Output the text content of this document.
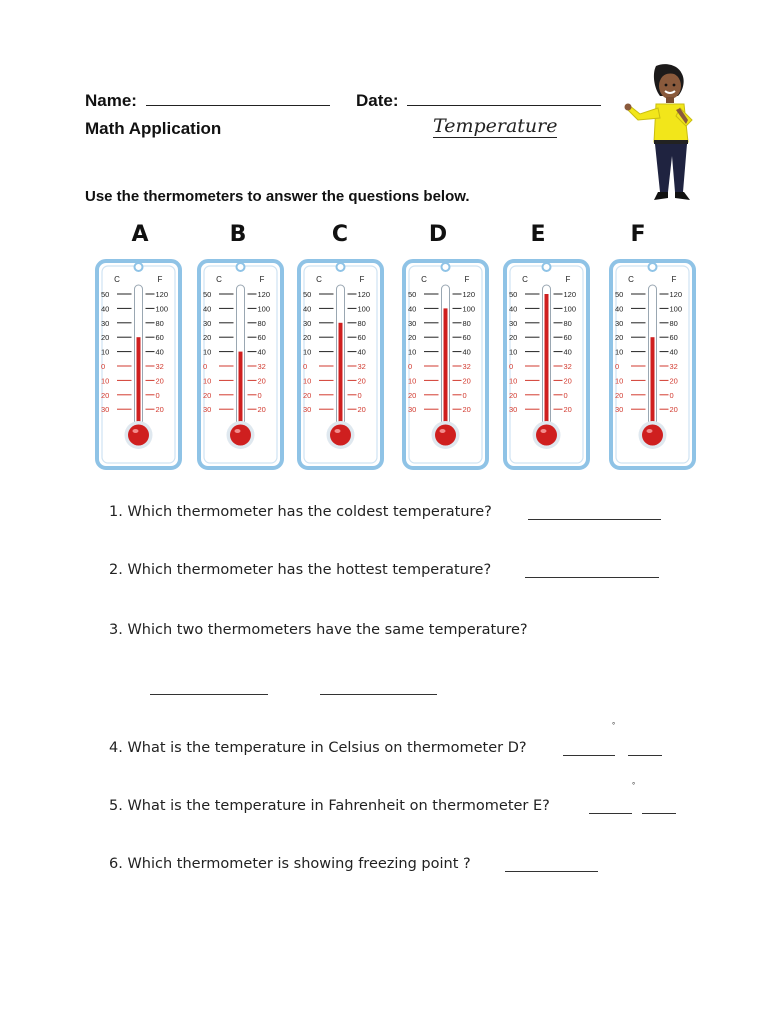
Name:	Date:
Math Application	Temperature
Use the thermometers to answer the questions below.
C	F
50	120
40	100
30	80
20	60
10	40
0	32
10	20
20	0
30	20
C	F
50	120
40	100
30	80
20	60
10	40
0	32
10	20
20	0
30	20
C	F
50	120
40	100
30	80
20	60
10	40
0	32
10	20
20	0
30	20
C	F
50	120
40	100
30	80
20	60
10	40
0	32
10	20
20	0
30	20
C	F
50	120
40	100
30	80
20	60
10	40
0	32
10	20
20	0
30	20
C	F
50	120
40	100
30	80
20	60
10	40
0	32
10	20
20	0
30	20
1. Which thermometer has the coldest temperature?
2. Which thermometer has the hottest temperature?
3. Which two thermometers have the same temperature?
4. What is the temperature in Celsius on thermometer D?
°
5. What is the temperature in Fahrenheit on thermometer E?
°
6. Which thermometer is showing freezing point ?
A	B	C	D	E	F
